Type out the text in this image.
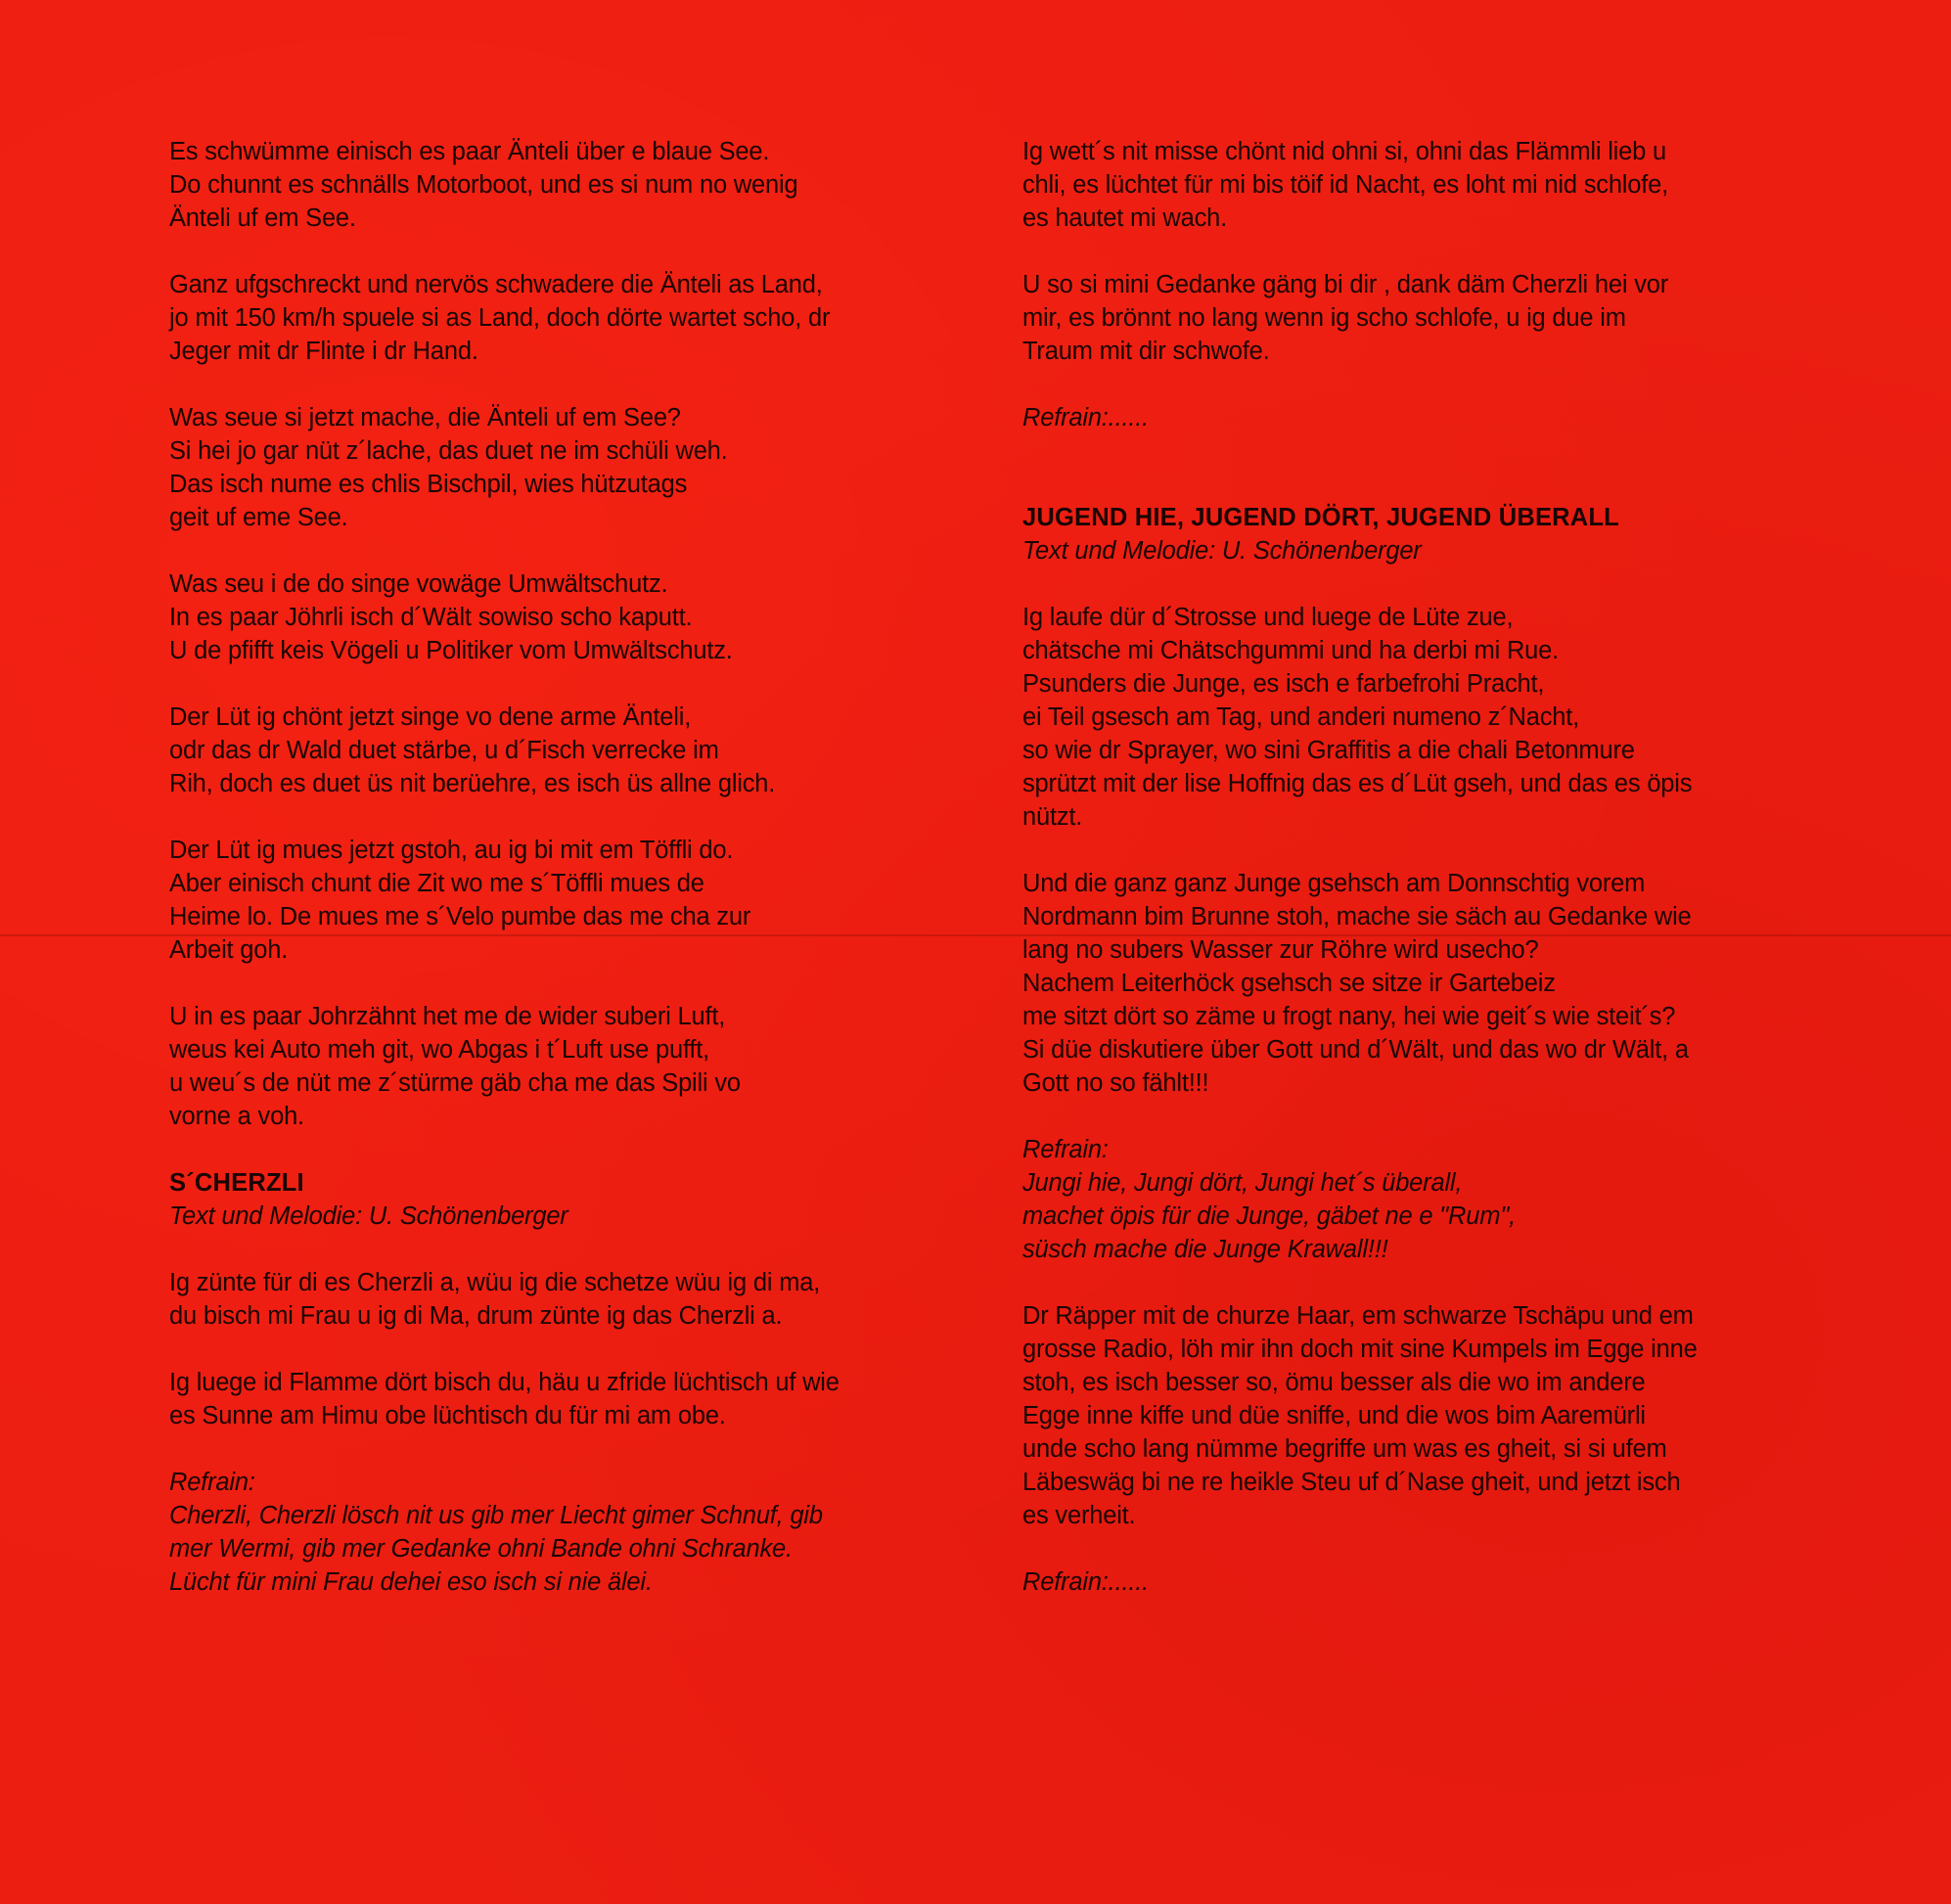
Es schwümme einisch es paar Änteli über e blaue See.
Do chunnt es schnälls Motorboot, und es si num no wenig
Änteli uf em See.
Ganz ufgschreckt und nervös schwadere die Änteli as Land,
jo mit 150 km/h spuele si as Land, doch dörte wartet scho, dr
Jeger mit dr Flinte i dr Hand.
Was seue si jetzt mache, die Änteli uf em See?
Si hei jo gar nüt z´lache, das duet ne im schüli weh.
Das isch nume es chlis Bischpil, wies hützutags
geit uf eme See.
Was seu i de do singe vowäge Umwältschutz.
In es paar Jöhrli isch d´Wält sowiso scho kaputt.
U de pfifft keis Vögeli u Politiker vom Umwältschutz.
Der Lüt ig chönt jetzt singe vo dene arme Änteli,
odr das dr Wald duet stärbe, u d´Fisch verrecke im
Rih, doch es duet üs nit berüehre, es isch üs allne glich.
Der Lüt ig mues jetzt gstoh, au ig bi mit em Töffli do.
Aber einisch chunt die Zit wo me s´Töffli mues de
Heime lo. De mues me s´Velo pumbe das me cha zur
Arbeit goh.
U in es paar Johrzähnt het me de wider suberi Luft,
weus kei Auto meh git, wo Abgas i t´Luft use pufft,
u weu´s de nüt me z´stürme gäb cha me das Spili vo
vorne a voh.
S´CHERZLI
Text und Melodie: U. Schönenberger
Ig zünte für di es Cherzli a, wüu ig die schetze wüu ig di ma,
du bisch mi Frau u ig di Ma, drum zünte ig das Cherzli a.
Ig luege id Flamme dört bisch du, häu u zfride lüchtisch uf wie
es Sunne am Himu obe lüchtisch du für mi am obe.
Refrain:
Cherzli, Cherzli lösch nit us gib mer Liecht gimer Schnuf, gib
mer Wermi, gib mer Gedanke ohni Bande ohni Schranke.
Lücht für mini Frau dehei eso isch si nie älei.
Ig wett´s nit misse chönt nid ohni si, ohni das Flämmli lieb u
chli, es lüchtet für mi bis töif id Nacht, es loht mi nid schlofe,
es hautet mi wach.
U so si mini Gedanke gäng bi dir , dank däm Cherzli hei vor
mir, es brönnt no lang wenn ig scho schlofe, u ig due im
Traum mit dir schwofe.
Refrain:......
JUGEND HIE, JUGEND DÖRT, JUGEND ÜBERALL
Text und Melodie: U. Schönenberger
Ig laufe dür d´Strosse und luege de Lüte zue,
chätsche mi Chätschgummi und ha derbi mi Rue.
Psunders die Junge, es isch e farbefrohi Pracht,
ei Teil gsesch am Tag, und anderi numeno z´Nacht,
so wie dr Sprayer, wo sini Graffitis a die chali Betonmure
sprützt mit der lise Hoffnig das es d´Lüt gseh, und das es öpis
nützt.
Und die ganz ganz Junge gsehsch am Donnschtig vorem
Nordmann bim Brunne stoh, mache sie säch au Gedanke wie
lang no subers Wasser zur Röhre wird usecho?
Nachem Leiterhöck gsehsch se sitze ir Gartebeiz
me sitzt dört so zäme u frogt nany, hei wie geit´s wie steit´s?
Si düe diskutiere über Gott und d´Wält, und das wo dr Wält, a
Gott no so fählt!!!
Refrain:
Jungi hie, Jungi dört, Jungi het´s überall,
machet öpis für die Junge, gäbet ne e "Rum",
süsch mache die Junge Krawall!!!
Dr Räpper mit de churze Haar, em schwarze Tschäpu und em
grosse Radio, löh mir ihn doch mit sine Kumpels im Egge inne
stoh, es isch besser so, ömu besser als die wo im andere
Egge inne kiffe und düe sniffe, und die wos bim Aaremürli
unde scho lang nümme begriffe um was es gheit, si si ufem
Läbeswäg bi ne re heikle Steu uf d´Nase gheit, und jetzt isch
es verheit.
Refrain:......
